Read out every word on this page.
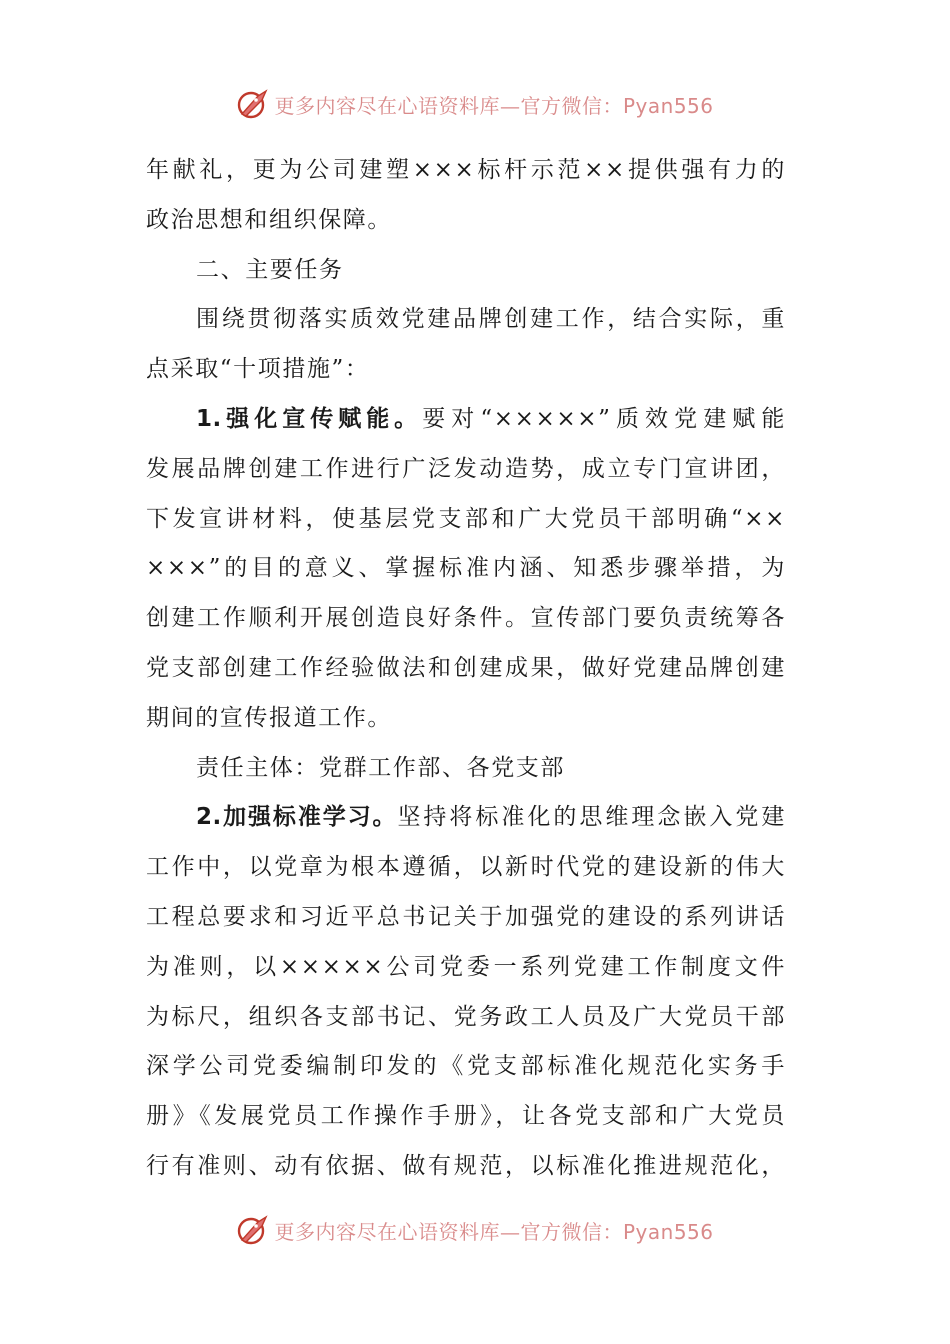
更多内容尽在心语资料库—官方微信：Pyan556
年献礼，更为公司建塑×××标杆示范××提供强有力的
政治思想和组织保障。
二、主要任务
围绕贯彻落实质效党建品牌创建工作，结合实际，重
点采取“十项措施”：
1.强化宣传赋能。要对“×××××”质效党建赋能
发展品牌创建工作进行广泛发动造势，成立专门宣讲团，
下发宣讲材料，使基层党支部和广大党员干部明确“××
×××”的目的意义、掌握标准内涵、知悉步骤举措，为
创建工作顺利开展创造良好条件。宣传部门要负责统筹各
党支部创建工作经验做法和创建成果，做好党建品牌创建
期间的宣传报道工作。
责任主体：党群工作部、各党支部
2.加强标准学习。坚持将标准化的思维理念嵌入党建
工作中，以党章为根本遵循，以新时代党的建设新的伟大
工程总要求和习近平总书记关于加强党的建设的系列讲话
为准则，以×××××公司党委一系列党建工作制度文件
为标尺，组织各支部书记、党务政工人员及广大党员干部
深学公司党委编制印发的《党支部标准化规范化实务手
册》《发展党员工作操作手册》，让各党支部和广大党员
行有准则、动有依据、做有规范，以标准化推进规范化，
更多内容尽在心语资料库—官方微信：Pyan556
